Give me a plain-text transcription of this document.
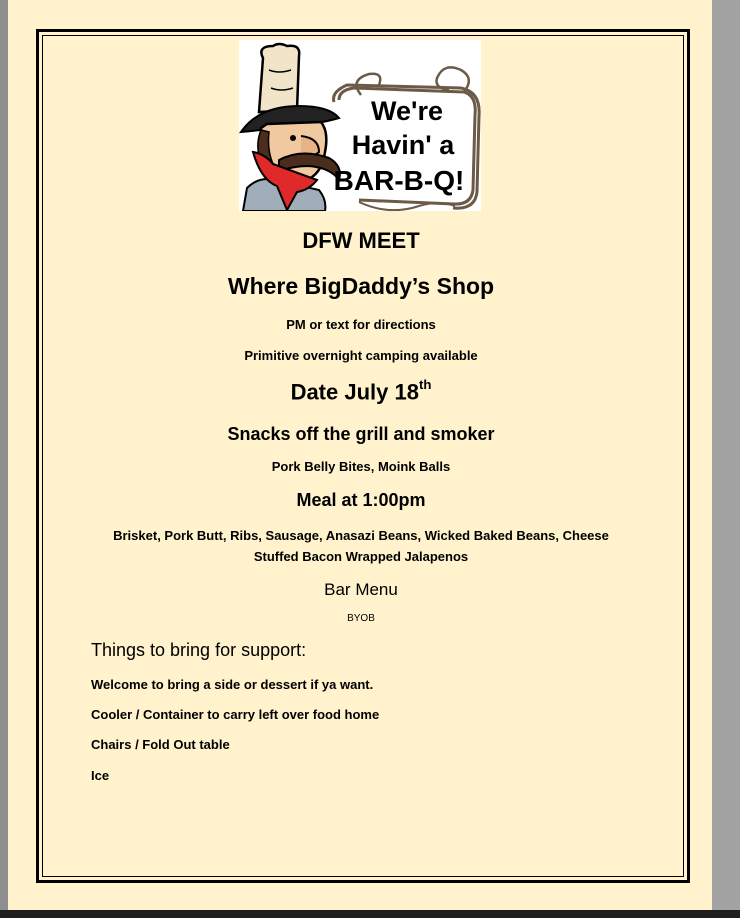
We're
Havin' a
BAR-B-Q!
DFW MEET
Where BigDaddy’s Shop
PM or text for directions
Primitive overnight camping available
Date July 18th
Snacks off the grill and smoker
Pork Belly Bites, Moink Balls
Meal at 1:00pm
Brisket, Pork Butt, Ribs, Sausage, Anasazi Beans, Wicked Baked Beans, Cheese
Stuffed Bacon Wrapped Jalapenos
Bar Menu
BYOB
Things to bring for support:
Welcome to bring a side or dessert if ya want.
Cooler / Container to carry left over food home
Chairs / Fold Out table
Ice
